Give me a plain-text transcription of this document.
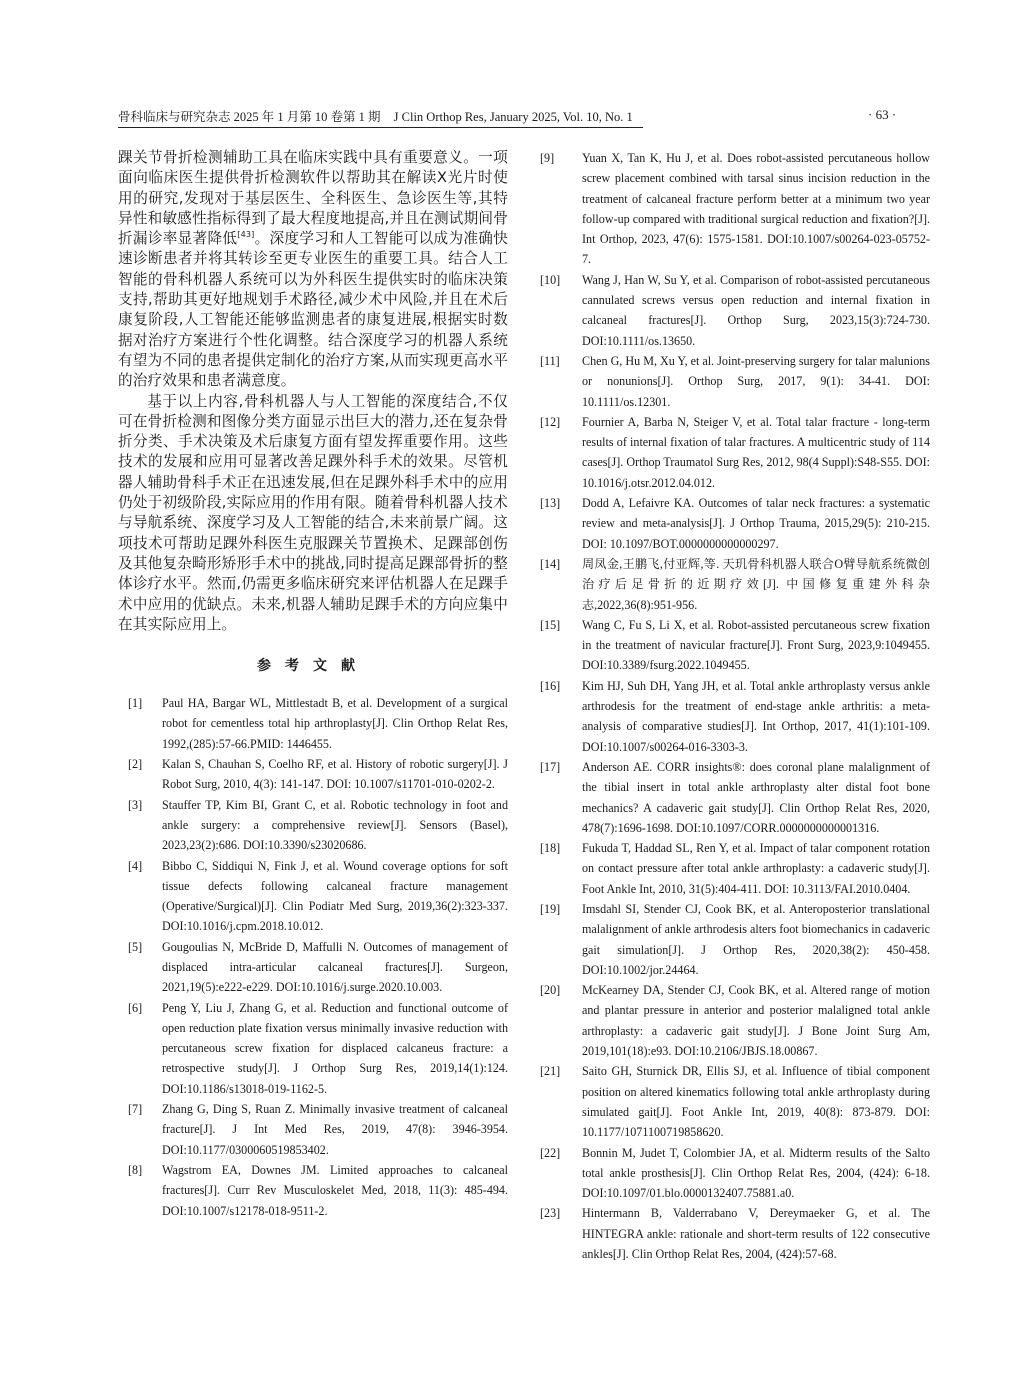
骨科临床与研究杂志 2025 年 1 月第 10 卷第 1 期 J Clin Orthop Res, January 2025, Vol. 10, No. 1	· 63 ·

踝关节骨折检测辅助工具在临床实践中具有重要意义。一项面向临床医生提供骨折检测软件以帮助其在解读X光片时使用的研究,发现对于基层医生、全科医生、急诊医生等,其特异性和敏感性指标得到了最大程度地提高,并且在测试期间骨折漏诊率显著降低[43]。深度学习和人工智能可以成为准确快速诊断患者并将其转诊至更专业医生的重要工具。结合人工智能的骨科机器人系统可以为外科医生提供实时的临床决策支持,帮助其更好地规划手术路径,减少术中风险,并且在术后康复阶段,人工智能还能够监测患者的康复进展,根据实时数据对治疗方案进行个性化调整。结合深度学习的机器人系统有望为不同的患者提供定制化的治疗方案,从而实现更高水平的治疗效果和患者满意度。

基于以上内容,骨科机器人与人工智能的深度结合,不仅可在骨折检测和图像分类方面显示出巨大的潜力,还在复杂骨折分类、手术决策及术后康复方面有望发挥重要作用。这些技术的发展和应用可显著改善足踝外科手术的效果。尽管机器人辅助骨科手术正在迅速发展,但在足踝外科手术中的应用仍处于初级阶段,实际应用的作用有限。随着骨科机器人技术与导航系统、深度学习及人工智能的结合,未来前景广阔。这项技术可帮助足踝外科医生克服踝关节置换术、足踝部创伤及其他复杂畸形矫形手术中的挑战,同时提高足踝部骨折的整体诊疗水平。然而,仍需更多临床研究来评估机器人在足踝手术中应用的优缺点。未来,机器人辅助足踝手术的方向应集中在其实际应用上。

参考文献

[1] Paul HA, Bargar WL, Mittlestadt B, et al. Development of a surgical robot for cementless total hip arthroplasty[J]. Clin Orthop Relat Res, 1992,(285):57-66.PMID: 1446455.

[2] Kalan S, Chauhan S, Coelho RF, et al. History of robotic surgery[J]. J Robot Surg, 2010, 4(3): 141-147. DOI: 10.1007/s11701-010-0202-2.

[3] Stauffer TP, Kim BI, Grant C, et al. Robotic technology in foot and ankle surgery: a comprehensive review[J]. Sensors (Basel), 2023,23(2):686. DOI:10.3390/s23020686.

[4] Bibbo C, Siddiqui N, Fink J, et al. Wound coverage options for soft tissue defects following calcaneal fracture management (Operative/Surgical)[J]. Clin Podiatr Med Surg, 2019,36(2):323-337. DOI:10.1016/j.cpm.2018.10.012.

[5] Gougoulias N, McBride D, Maffulli N. Outcomes of management of displaced intra-articular calcaneal fractures[J]. Surgeon, 2021,19(5):e222-e229. DOI:10.1016/j.surge.2020.10.003.

[6] Peng Y, Liu J, Zhang G, et al. Reduction and functional outcome of open reduction plate fixation versus minimally invasive reduction with percutaneous screw fixation for displaced calcaneus fracture: a retrospective study[J]. J Orthop Surg Res, 2019,14(1):124. DOI:10.1186/s13018-019-1162-5.

[7] Zhang G, Ding S, Ruan Z. Minimally invasive treatment of calcaneal fracture[J]. J Int Med Res, 2019, 47(8): 3946-3954. DOI:10.1177/0300060519853402.

[8] Wagstrom EA, Downes JM. Limited approaches to calcaneal fractures[J]. Curr Rev Musculoskelet Med, 2018, 11(3): 485-494. DOI:10.1007/s12178-018-9511-2.

[9] Yuan X, Tan K, Hu J, et al. Does robot-assisted percutaneous hollow screw placement combined with tarsal sinus incision reduction in the treatment of calcaneal fracture perform better at a minimum two year follow-up compared with traditional surgical reduction and fixation?[J]. Int Orthop, 2023, 47(6): 1575-1581. DOI:10.1007/s00264-023-05752-7.

[10] Wang J, Han W, Su Y, et al. Comparison of robot-assisted percutaneous cannulated screws versus open reduction and internal fixation in calcaneal fractures[J]. Orthop Surg, 2023,15(3):724-730. DOI:10.1111/os.13650.

[11] Chen G, Hu M, Xu Y, et al. Joint-preserving surgery for talar malunions or nonunions[J]. Orthop Surg, 2017, 9(1): 34-41. DOI: 10.1111/os.12301.

[12] Fournier A, Barba N, Steiger V, et al. Total talar fracture - long-term results of internal fixation of talar fractures. A multicentric study of 114 cases[J]. Orthop Traumatol Surg Res, 2012, 98(4 Suppl):S48-S55. DOI: 10.1016/j.otsr.2012.04.012.

[13] Dodd A, Lefaivre KA. Outcomes of talar neck fractures: a systematic review and meta-analysis[J]. J Orthop Trauma, 2015,29(5): 210-215. DOI: 10.1097/BOT.0000000000000297.

[14] 周凤金,王鹏飞,付亚辉,等. 天玑骨科机器人联合O臂导航系统微创治疗后足骨折的近期疗效[J]. 中国修复重建外科杂志,2022,36(8):951-956.

[15] Wang C, Fu S, Li X, et al. Robot-assisted percutaneous screw fixation in the treatment of navicular fracture[J]. Front Surg, 2023,9:1049455. DOI:10.3389/fsurg.2022.1049455.

[16] Kim HJ, Suh DH, Yang JH, et al. Total ankle arthroplasty versus ankle arthrodesis for the treatment of end-stage ankle arthritis: a meta-analysis of comparative studies[J]. Int Orthop, 2017, 41(1):101-109. DOI:10.1007/s00264-016-3303-3.

[17] Anderson AE. CORR insights®: does coronal plane malalignment of the tibial insert in total ankle arthroplasty alter distal foot bone mechanics? A cadaveric gait study[J]. Clin Orthop Relat Res, 2020, 478(7):1696-1698. DOI:10.1097/CORR.0000000000001316.

[18] Fukuda T, Haddad SL, Ren Y, et al. Impact of talar component rotation on contact pressure after total ankle arthroplasty: a cadaveric study[J]. Foot Ankle Int, 2010, 31(5):404-411. DOI: 10.3113/FAI.2010.0404.

[19] Imsdahl SI, Stender CJ, Cook BK, et al. Anteroposterior translational malalignment of ankle arthrodesis alters foot biomechanics in cadaveric gait simulation[J]. J Orthop Res, 2020,38(2): 450-458. DOI:10.1002/jor.24464.

[20] McKearney DA, Stender CJ, Cook BK, et al. Altered range of motion and plantar pressure in anterior and posterior malaligned total ankle arthroplasty: a cadaveric gait study[J]. J Bone Joint Surg Am, 2019,101(18):e93. DOI:10.2106/JBJS.18.00867.

[21] Saito GH, Sturnick DR, Ellis SJ, et al. Influence of tibial component position on altered kinematics following total ankle arthroplasty during simulated gait[J]. Foot Ankle Int, 2019, 40(8): 873-879. DOI: 10.1177/1071100719858620.

[22] Bonnin M, Judet T, Colombier JA, et al. Midterm results of the Salto total ankle prosthesis[J]. Clin Orthop Relat Res, 2004, (424): 6-18. DOI:10.1097/01.blo.0000132407.75881.a0.

[23] Hintermann B, Valderrabano V, Dereymaeker G, et al. The HINTEGRA ankle: rationale and short-term results of 122 consecutive ankles[J]. Clin Orthop Relat Res, 2004, (424):57-68.
